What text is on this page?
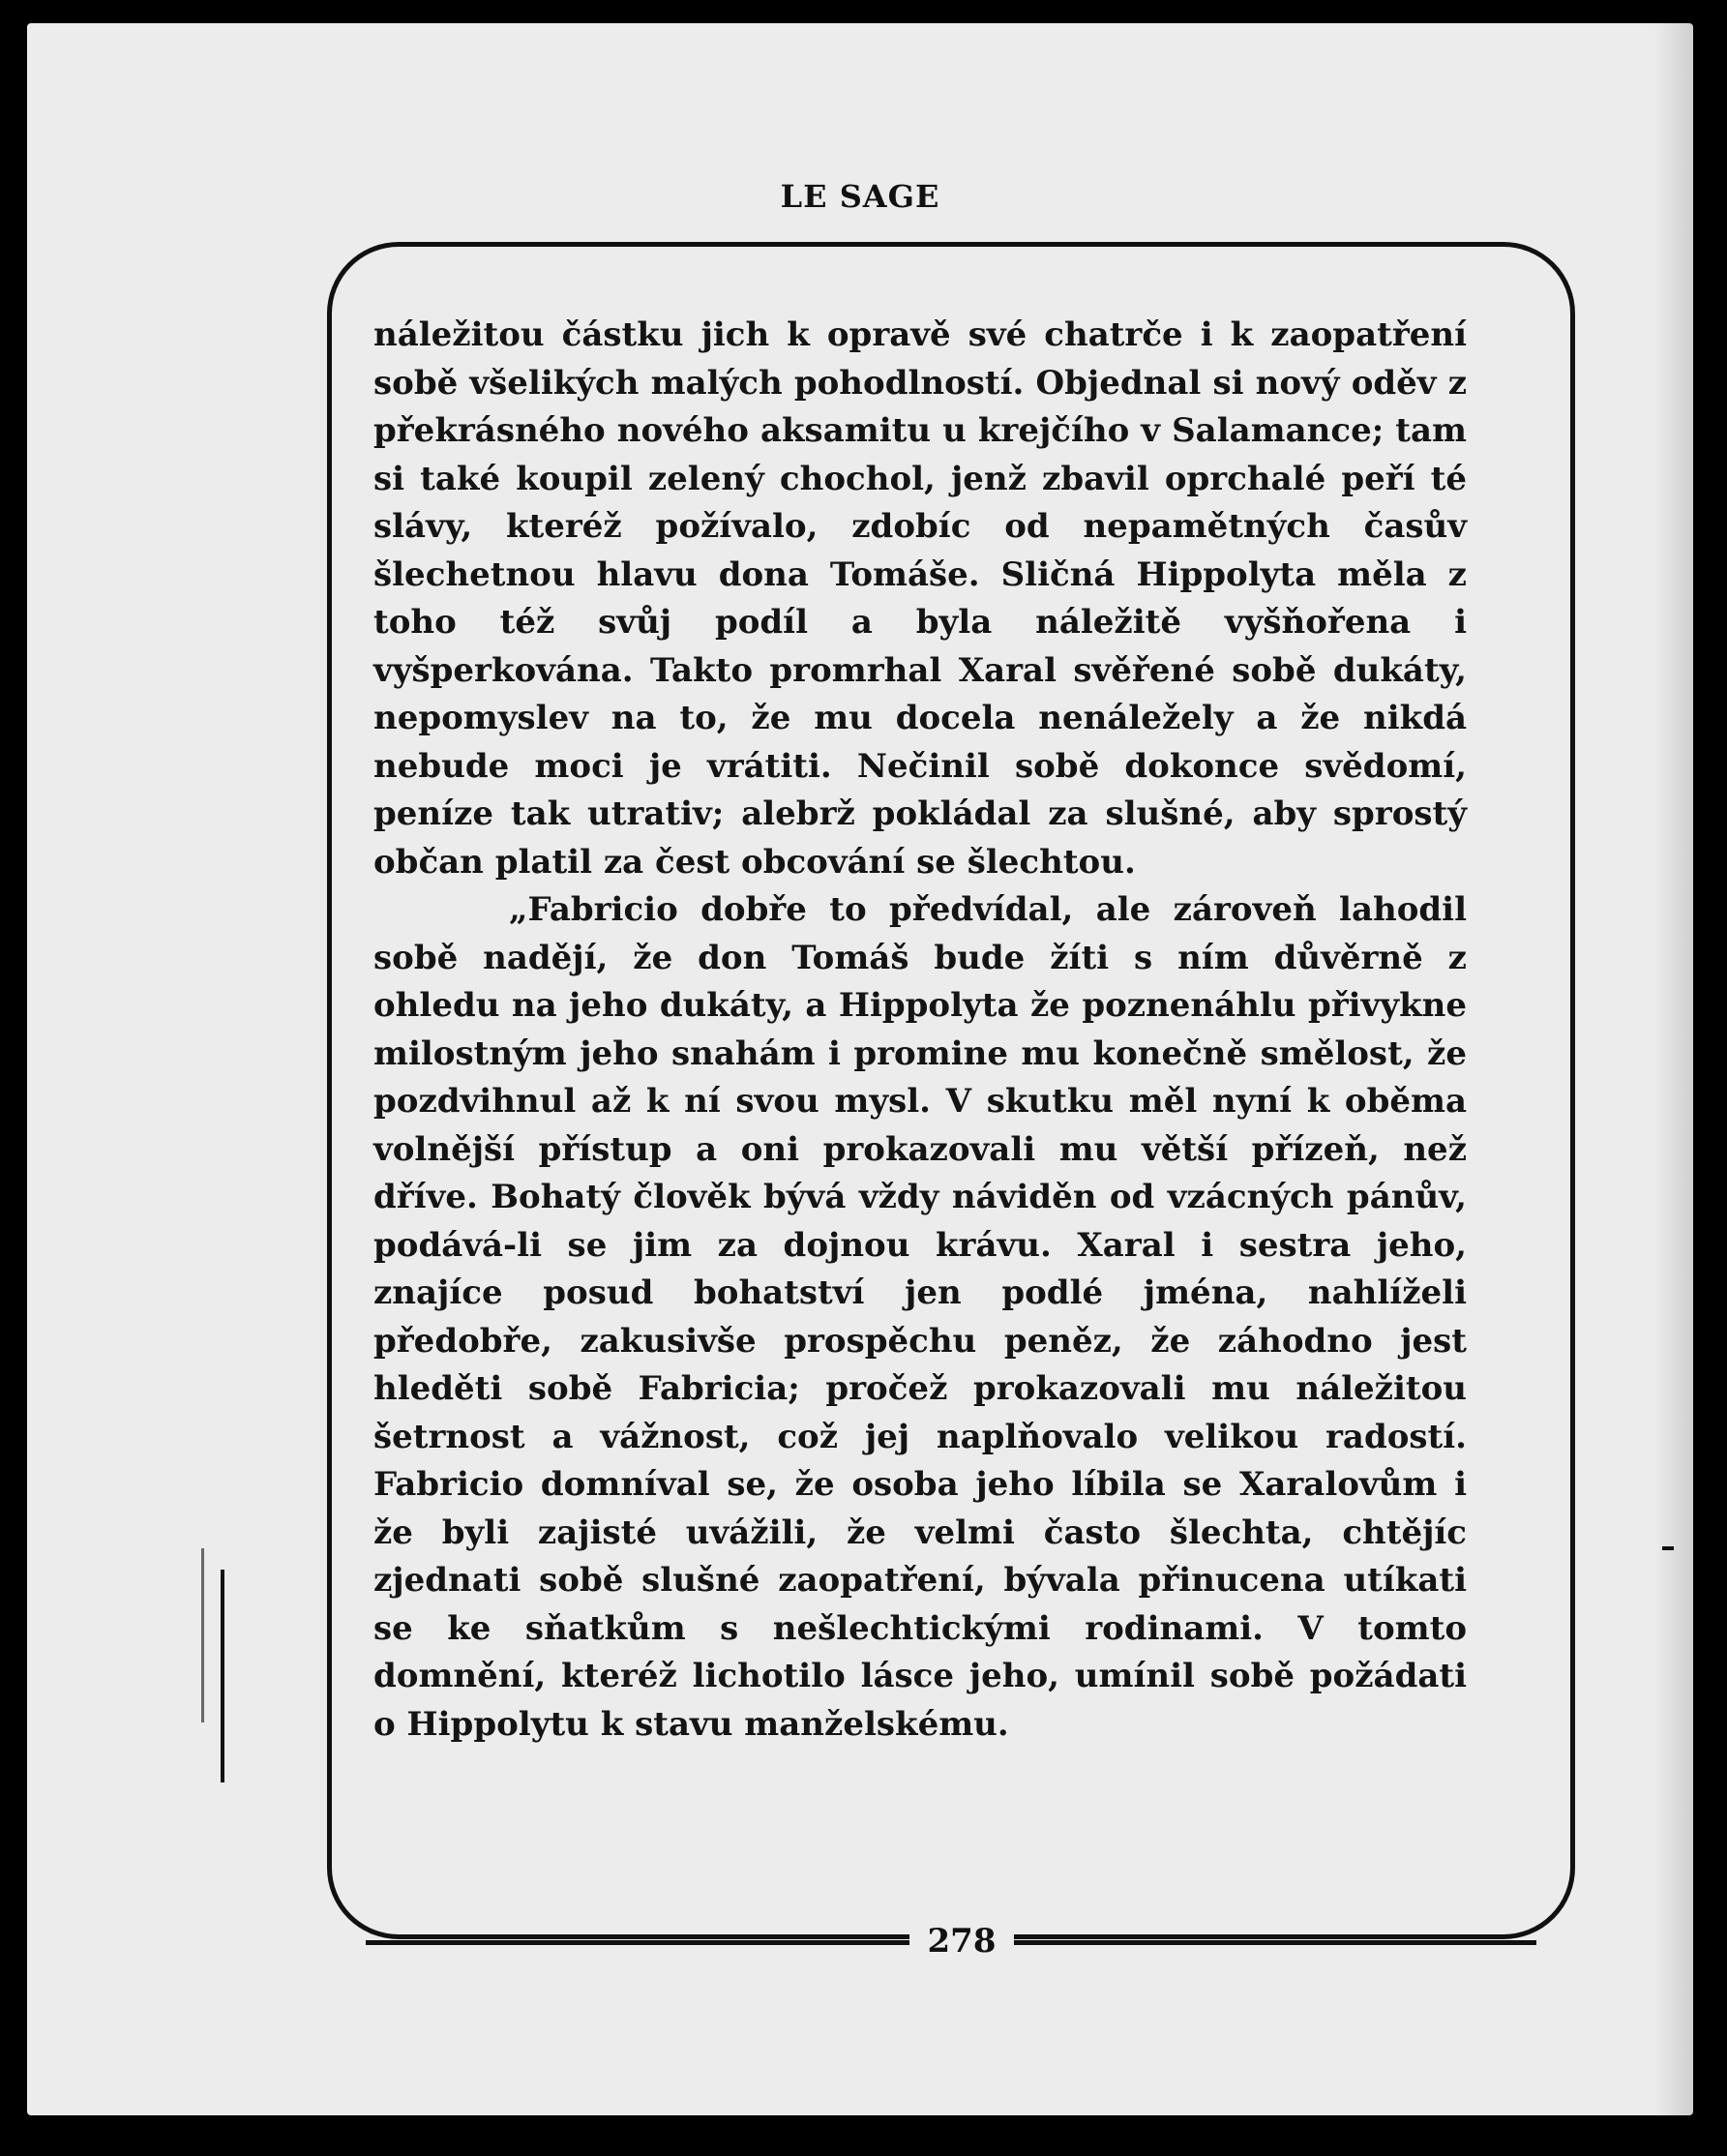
LE SAGE
278

náležitou částku jich k opravě své chatrče i k zaopatření sobě všelikých malých pohodlností. Objednal si nový oděv z překrásného nového aksamitu u krejčího v Salamance; tam si také koupil zelený chochol, jenž zbavil oprchalé peří té slávy, kteréž požívalo, zdobíc od nepamětných časův šlechetnou hlavu dona Tomáše. Sličná Hippolyta měla z toho též svůj podíl a byla náležitě vyšňořena i vyšperkována. Takto promrhal Xaral svěřené sobě dukáty, nepomyslev na to, že mu docela nenáležely a že nikdá nebude moci je vrátiti. Nečinil sobě dokonce svědomí, peníze tak utrativ; alebrž pokládal za slušné, aby sprostý občan platil za čest obcování se šlechtou.

„Fabricio dobře to předvídal, ale zároveň lahodil sobě nadějí, že don Tomáš bude žíti s ním důvěrně z ohledu na jeho dukáty, a Hippolyta že poznenáhlu přivykne milostným jeho snahám i promine mu konečně smělost, že pozdvihnul až k ní svou mysl. V skutku měl nyní k oběma volnější přístup a oni prokazovali mu větší přízeň, než dříve. Bohatý člověk bývá vždy náviděn od vzácných pánův, podává-li se jim za dojnou krávu. Xaral i sestra jeho, znajíce posud bohatství jen podlé jména, nahlíželi předobře, zakusivše prospěchu peněz, že záhodno jest hleděti sobě Fabricia; pročež prokazovali mu náležitou šetrnost a vážnost, což jej naplňovalo velikou radostí. Fabricio domníval se, že osoba jeho líbila se Xaralovům i že byli zajisté uvážili, že velmi často šlechta, chtějíc zjednati sobě slušné zaopatření, bývala přinucena utíkati se ke sňatkům s nešlechtickými rodinami. V tomto domnění, kteréž lichotilo lásce jeho, umínil sobě požádati o Hippolytu k stavu manželskému.
